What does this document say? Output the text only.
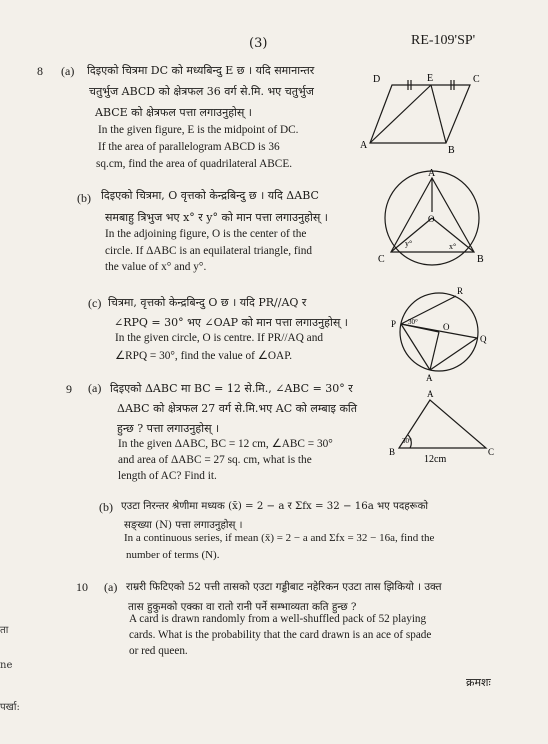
(3)	RE-109'SP'
8 (a) दिइएको चित्रमा DC को मध्यबिन्दु E छ । यदि समानान्तर
चतुर्भुज ABCD को क्षेत्रफल 36 वर्ग से.मि. भए चतुर्भुज
ABCE को क्षेत्रफल पत्ता लगाउनुहोस् ।
In the given figure, E is the midpoint of DC.
If the area of parallelogram ABCD is 36
sq.cm, find the area of quadrilateral ABCE.
(b) दिइएको चित्रमा, O वृत्तको केन्द्रबिन्दु छ । यदि ΔABC
समबाहु त्रिभुज भए x° र y° को मान पत्ता लगाउनुहोस् ।
In the adjoining figure, O is the center of the
circle. If ΔABC is an equilateral triangle, find
the value of x° and y°.
(c) चित्रमा, वृत्तको केन्द्रबिन्दु O छ । यदि PR//AQ र
∠RPQ = 30° भए ∠OAP को मान पत्ता लगाउनुहोस् ।
In the given circle, O is centre. If PR//AQ and
∠RPQ = 30°, find the value of ∠OAP.
9 (a) दिइएको ΔABC मा BC = 12 से.मि., ∠ABC = 30° र
ΔABC को क्षेत्रफल 27 वर्ग से.मि.भए AC को लम्बाइ कति
हुन्छ ? पत्ता लगाउनुहोस् ।
In the given ΔABC, BC = 12 cm, ∠ABC = 30°
and area of ΔABC = 27 sq. cm, what is the
length of AC? Find it.
(b) एउटा निरन्तर श्रेणीमा मध्यक (x̄) = 2 − a र Σfx = 32 − 16a भए पदहरूको
सङ्ख्या (N) पत्ता लगाउनुहोस् ।
In a continuous series, if mean (x̄) = 2 − a and Σfx = 32 − 16a, find the
number of terms (N).
10 (a) राम्ररी फिटिएको 52 पत्ती तासको एउटा गड्डीबाट नहेरिकन एउटा तास झिकियो । उक्त
तास हुकुमको एक्का वा रातो रानी पर्ने सम्भाव्यता कति हुन्छ ?
A card is drawn randomly from a well-shuffled pack of 52 playing
cards. What is the probability that the card drawn is an ace of spade
or red queen.
क्रमशः
ता
ne
पर्खा:
D	E	C
A	B
A
B
C
O
x°
y°
R
P	O
Q
A
30°
A
B	C
30°
12cm
